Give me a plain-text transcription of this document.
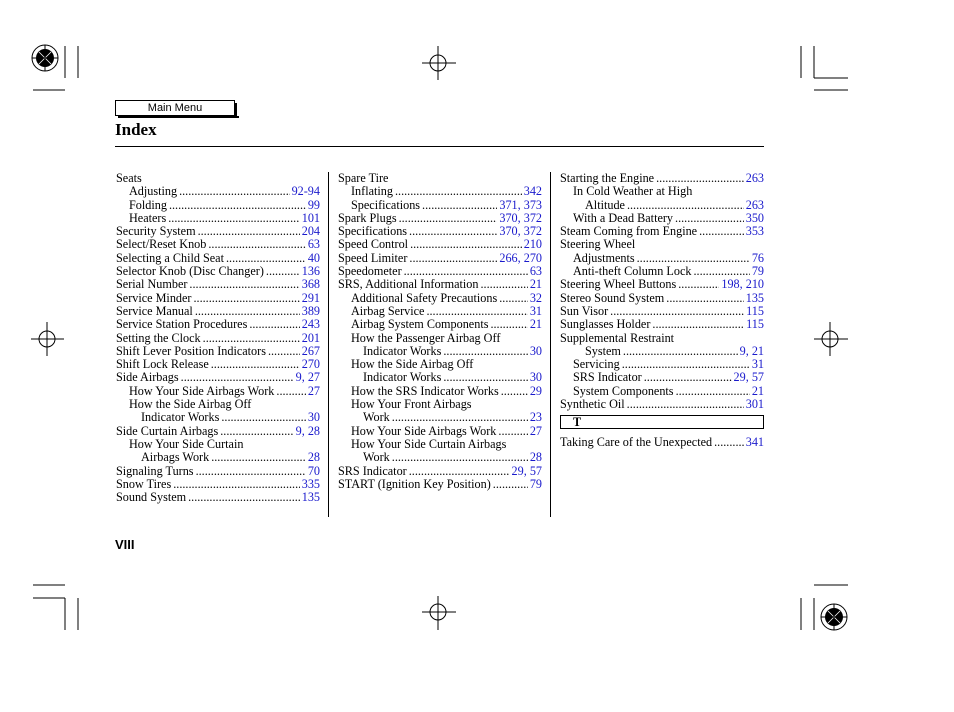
Main Menu
Index
Seats
Adjusting .....	92-94
Folding .....	99
Heaters .....	101
Security System .....	204
Select/Reset Knob .....	63
Selecting a Child Seat .....	40
Selector Knob (Disc Changer) .....	136
Serial Number .....	368
Service Minder .....	291
Service Manual .....	389
Service Station Procedures .....	243
Setting the Clock .....	201
Shift Lever Position Indicators .....	267
Shift Lock Release .....	270
Side Airbags .....	9, 27
How Your Side Airbags Work .....	27
How the Side Airbag Off
Indicator Works .....	30
Side Curtain Airbags .....	9, 28
How Your Side Curtain
Airbags Work .....	28
Signaling Turns .....	70
Snow Tires .....	335
Sound System .....	135
Spare Tire
Inflating .....	342
Specifications .....	371, 373
Spark Plugs .....	370, 372
Specifications .....	370, 372
Speed Control .....	210
Speed Limiter .....	266, 270
Speedometer .....	63
SRS, Additional Information .....	21
Additional Safety Precautions .....	32
Airbag Service .....	31
Airbag System Components .....	21
How the Passenger Airbag Off
Indicator Works .....	30
How the Side Airbag Off
Indicator Works .....	30
How the SRS Indicator Works .....	29
How Your Front Airbags
Work .....	23
How Your Side Airbags Work .....	27
How Your Side Curtain Airbags
Work .....	28
SRS Indicator .....	29, 57
START (Ignition Key Position) .....	79
Starting the Engine .....	263
In Cold Weather at High
Altitude .....	263
With a Dead Battery .....	350
Steam Coming from Engine .....	353
Steering Wheel
Adjustments .....	76
Anti-theft Column Lock .....	79
Steering Wheel Buttons .....	198, 210
Stereo Sound System .....	135
Sun Visor .....	115
Sunglasses Holder .....	115
Supplemental Restraint
System .....	9, 21
Servicing .....	31
SRS Indicator .....	29, 57
System Components .....	21
Synthetic Oil .....	301
T
Taking Care of the Unexpected .....	341
VIII
